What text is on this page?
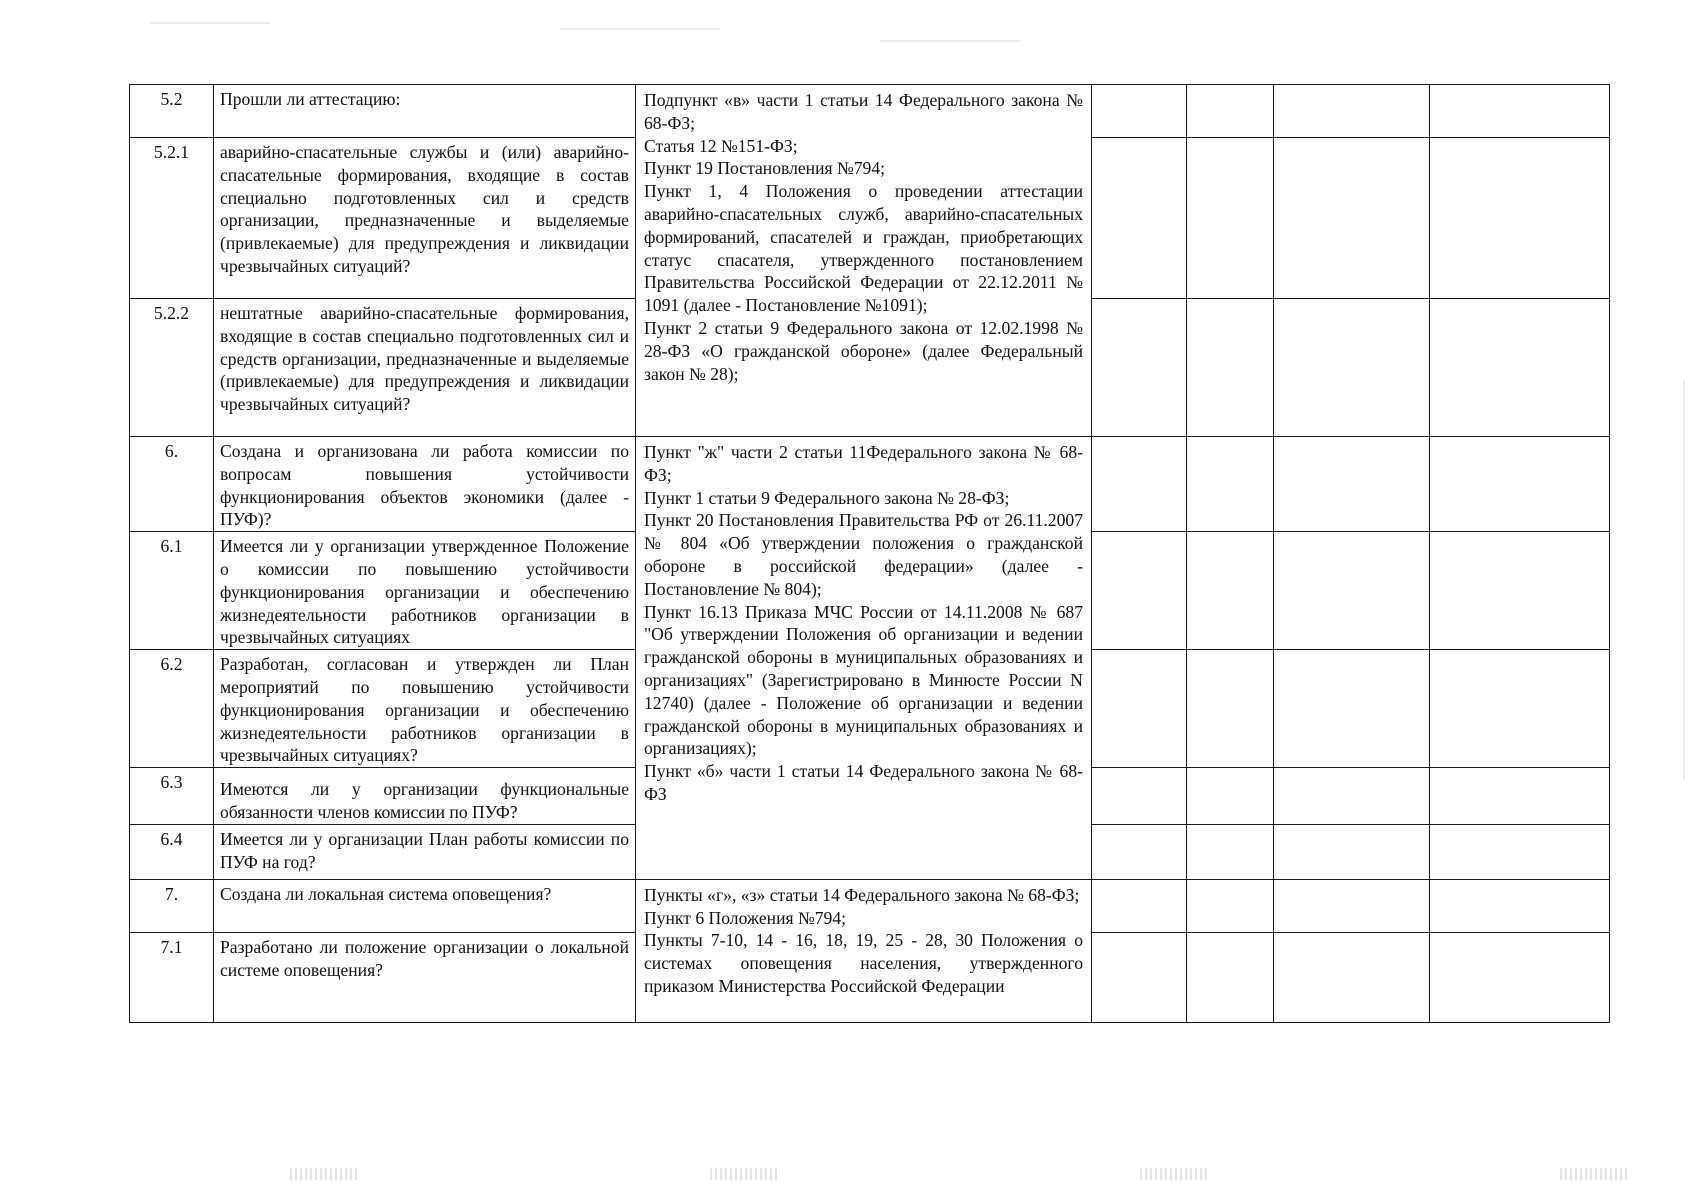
5.2	Прошли ли аттестацию:	Подпункт «в» части 1 статьи 14 Федерального закона № 68-ФЗ;
Статья 12 №151-ФЗ;
Пункт 19 Постановления №794;
Пункт 1, 4 Положения о проведении аттестации аварийно-спасательных служб, аварийно-спасательных формирований, спасателей и граждан, приобретающих статус спасателя, утвержденного постановлением Правительства Российской Федерации от 22.12.2011 № 1091 (далее - Постановление №1091);
Пункт 2 статьи 9 Федерального закона от 12.02.1998 № 28-ФЗ «О гражданской обороне» (далее Федеральный закон № 28);				

5.2.1	аварийно-спасательные службы и (или) аварийно-спасательные формирования, входящие в состав специально подготовленных сил и средств организации, предназначенные и выделяемые (привлекаемые) для предупреждения и ликвидации чрезвычайных ситуаций?					
5.2.2	нештатные аварийно-спасательные формирования, входящие в состав специально подготовленных сил и средств организации, предназначенные и выделяемые (привлекаемые) для предупреждения и ликвидации чрезвычайных ситуаций?					
6.	Создана и организована ли работа комиссии по вопросам повышения устойчивости функционирования объектов экономики (далее - ПУФ)?	Пункт "ж" части 2 статьи 11Федерального закона № 68-ФЗ;
Пункт 1 статьи 9 Федерального закона № 28-ФЗ;
Пункт 20 Постановления Правительства РФ от 26.11.2007 № 804 «Об утверждении положения о гражданской обороне в российской федерации» (далее - Постановление № 804);
Пункт 16.13 Приказа МЧС России от 14.11.2008 № 687 "Об утверждении Положения об организации и ведении гражданской обороны в муниципальных образованиях и организациях" (Зарегистрировано в Минюсте России N 12740) (далее - Положение об организации и ведении гражданской обороны в муниципальных образованиях и организациях);
Пункт «б» части 1 статьи 14 Федерального закона № 68-ФЗ				

6.1	Имеется ли у организации утвержденное Положение о комиссии по повышению устойчивости функционирования организации и обеспечению жизнедеятельности работников организации в чрезвычайных ситуациях					
6.2	Разработан, согласован и утвержден ли План мероприятий по повышению устойчивости функционирования организации и обеспечению жизнедеятельности работников организации в чрезвычайных ситуациях?					
6.3	Имеются ли у организации функциональные обязанности членов комиссии по ПУФ?					
6.4	Имеется ли у организации План работы комиссии по ПУФ на год?					
7.	Создана ли локальная система оповещения?	Пункты «г», «з» статьи 14 Федерального закона № 68-ФЗ;
Пункт 6 Положения №794;
Пункты 7-10, 14 - 16, 18, 19, 25 - 28, 30 Положения о системах оповещения населения, утвержденного приказом Министерства Российской Федерации				

7.1	Разработано ли положение организации о локальной системе оповещения?					
